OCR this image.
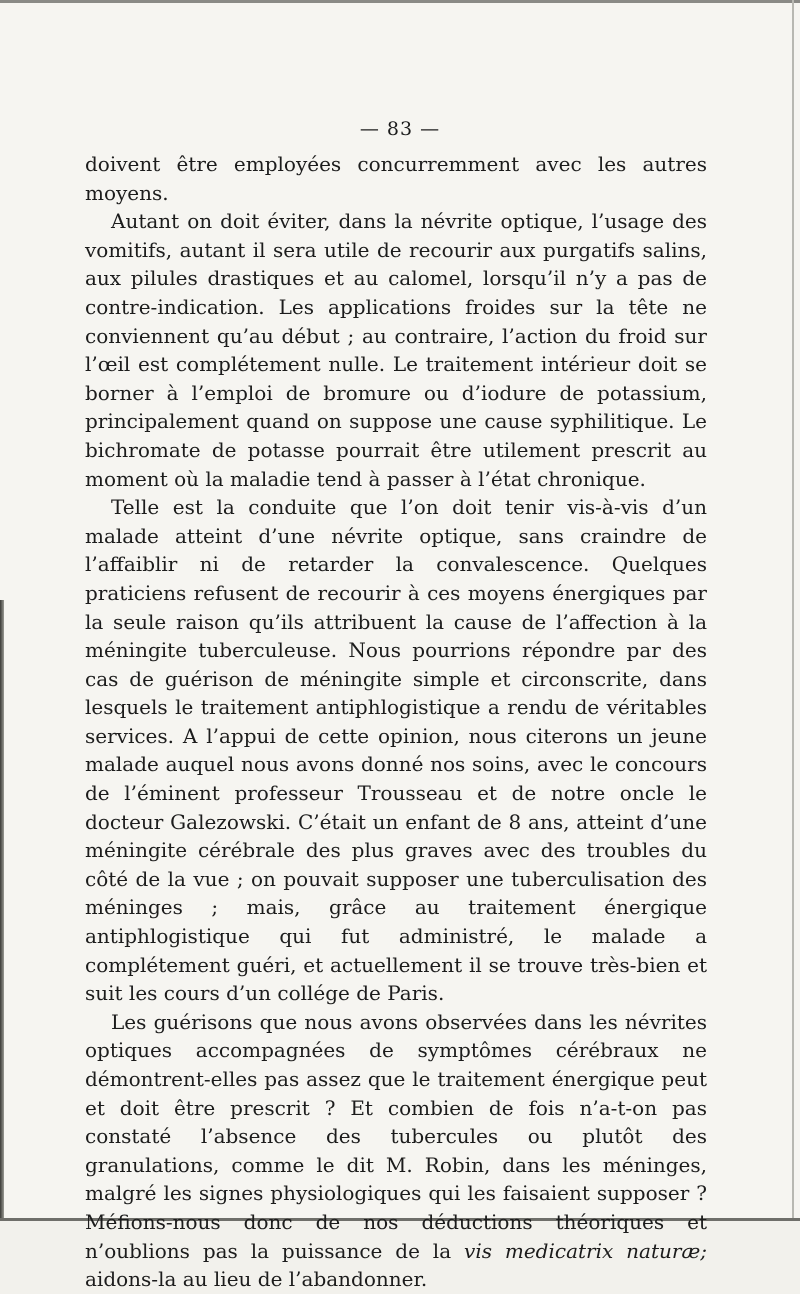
— 83 —

doivent être employées concurremment avec les autres moyens.

Autant on doit éviter, dans la névrite optique, l’usage des vomitifs, autant il sera utile de recourir aux purgatifs salins, aux pilules drastiques et au calomel, lorsqu’il n’y a pas de contre-indication. Les applications froides sur la tête ne conviennent qu’au début ; au contraire, l’action du froid sur l’œil est complétement nulle. Le traitement intérieur doit se borner à l’emploi de bromure ou d’iodure de potassium, principalement quand on suppose une cause syphilitique. Le bichromate de potasse pourrait être utilement prescrit au moment où la maladie tend à passer à l’état chronique.

Telle est la conduite que l’on doit tenir vis-à-vis d’un malade atteint d’une névrite optique, sans craindre de l’affaiblir ni de retarder la convalescence. Quelques praticiens refusent de recourir à ces moyens énergiques par la seule raison qu’ils attribuent la cause de l’affection à la méningite tuberculeuse. Nous pourrions répondre par des cas de guérison de méningite simple et circonscrite, dans lesquels le traitement antiphlogistique a rendu de véritables services. A l’appui de cette opinion, nous citerons un jeune malade auquel nous avons donné nos soins, avec le concours de l’éminent professeur Trousseau et de notre oncle le docteur Galezowski. C’était un enfant de 8 ans, atteint d’une méningite cérébrale des plus graves avec des troubles du côté de la vue ; on pouvait supposer une tuberculisation des méninges ; mais, grâce au traitement énergique antiphlogistique qui fut administré, le malade a complétement guéri, et actuellement il se trouve très-bien et suit les cours d’un collége de Paris.

Les guérisons que nous avons observées dans les névrites optiques accompagnées de symptômes cérébraux ne démontrent-elles pas assez que le traitement énergique peut et doit être prescrit ? Et combien de fois n’a-t-on pas constaté l’absence des tubercules ou plutôt des granulations, comme le dit M. Robin, dans les méninges, malgré les signes physiologiques qui les faisaient supposer ? Méfions-nous donc de nos déductions théoriques et n’oublions pas la puissance de la vis medicatrix naturæ; aidons-la au lieu de l’abandonner.
